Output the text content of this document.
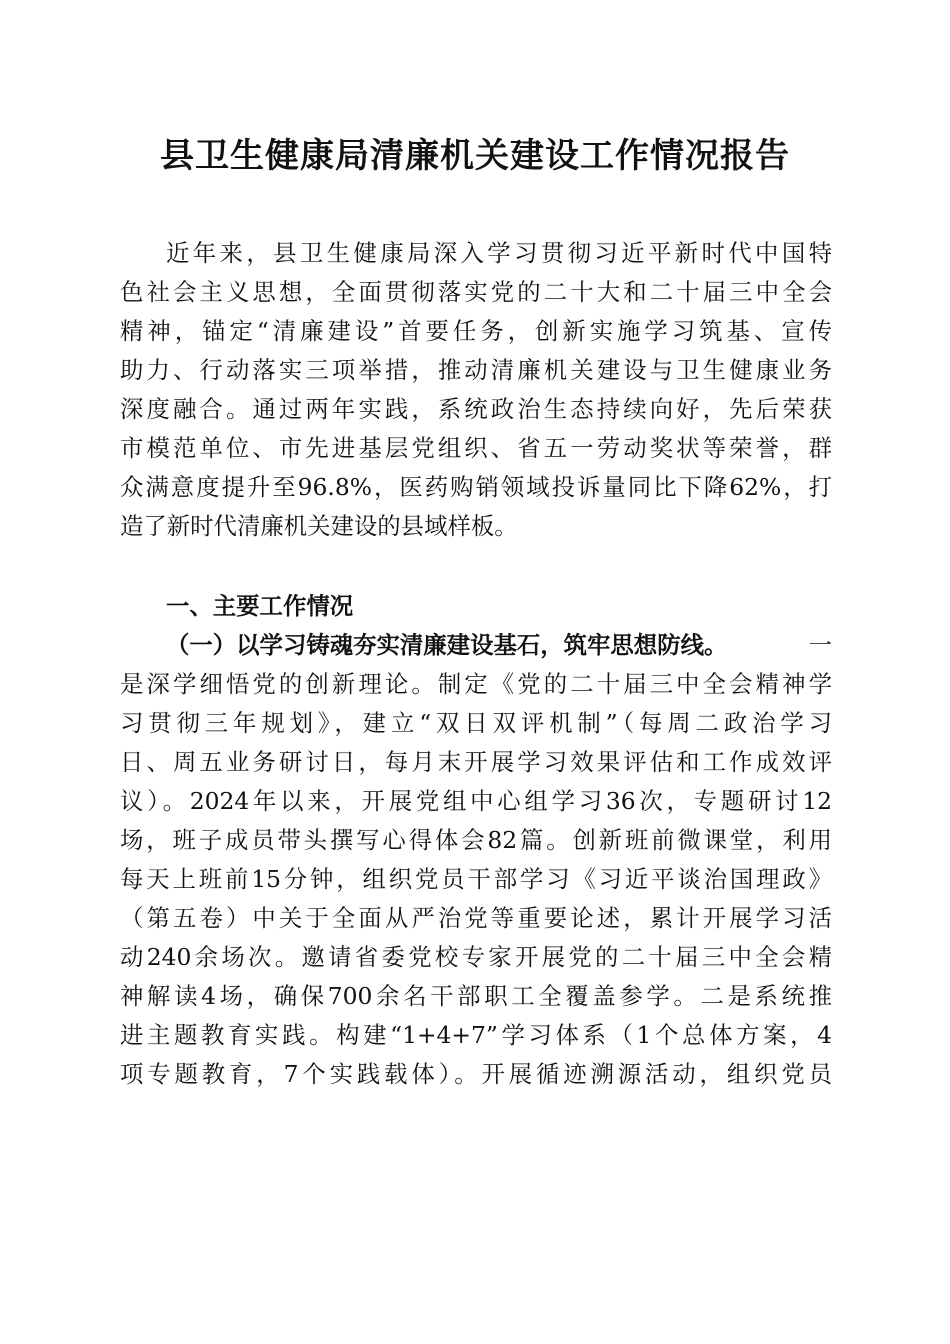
县卫生健康局清廉机关建设工作情况报告
近年来，县卫生健康局深入学习贯彻习近平新时代中国特
色社会主义思想，全面贯彻落实党的二十大和二十届三中全会
精神，锚定“清廉建设”首要任务，创新实施学习筑基、宣传
助力、行动落实三项举措，推动清廉机关建设与卫生健康业务
深度融合。通过两年实践，系统政治生态持续向好，先后荣获
市模范单位、市先进基层党组织、省五一劳动奖状等荣誉，群
众满意度提升至96.8%，医药购销领域投诉量同比下降62%，打
造了新时代清廉机关建设的县域样板。
一、主要工作情况
（一）以学习铸魂夯实清廉建设基石，筑牢思想防线。	一
是深学细悟党的创新理论。制定《党的二十届三中全会精神学
习贯彻三年规划》，建立“双日双评机制”（每周二政治学习
日、周五业务研讨日，每月末开展学习效果评估和工作成效评
议）。2024年以来，开展党组中心组学习36次，专题研讨12
场，班子成员带头撰写心得体会82篇。创新班前微课堂，利用
每天上班前15分钟，组织党员干部学习《习近平谈治国理政》
（第五卷）中关于全面从严治党等重要论述，累计开展学习活
动240余场次。邀请省委党校专家开展党的二十届三中全会精
神解读4场，确保700余名干部职工全覆盖参学。二是系统推
进主题教育实践。构建“1+4+7”学习体系（1个总体方案，4
项专题教育，7个实践载体）。开展循迹溯源活动，组织党员
